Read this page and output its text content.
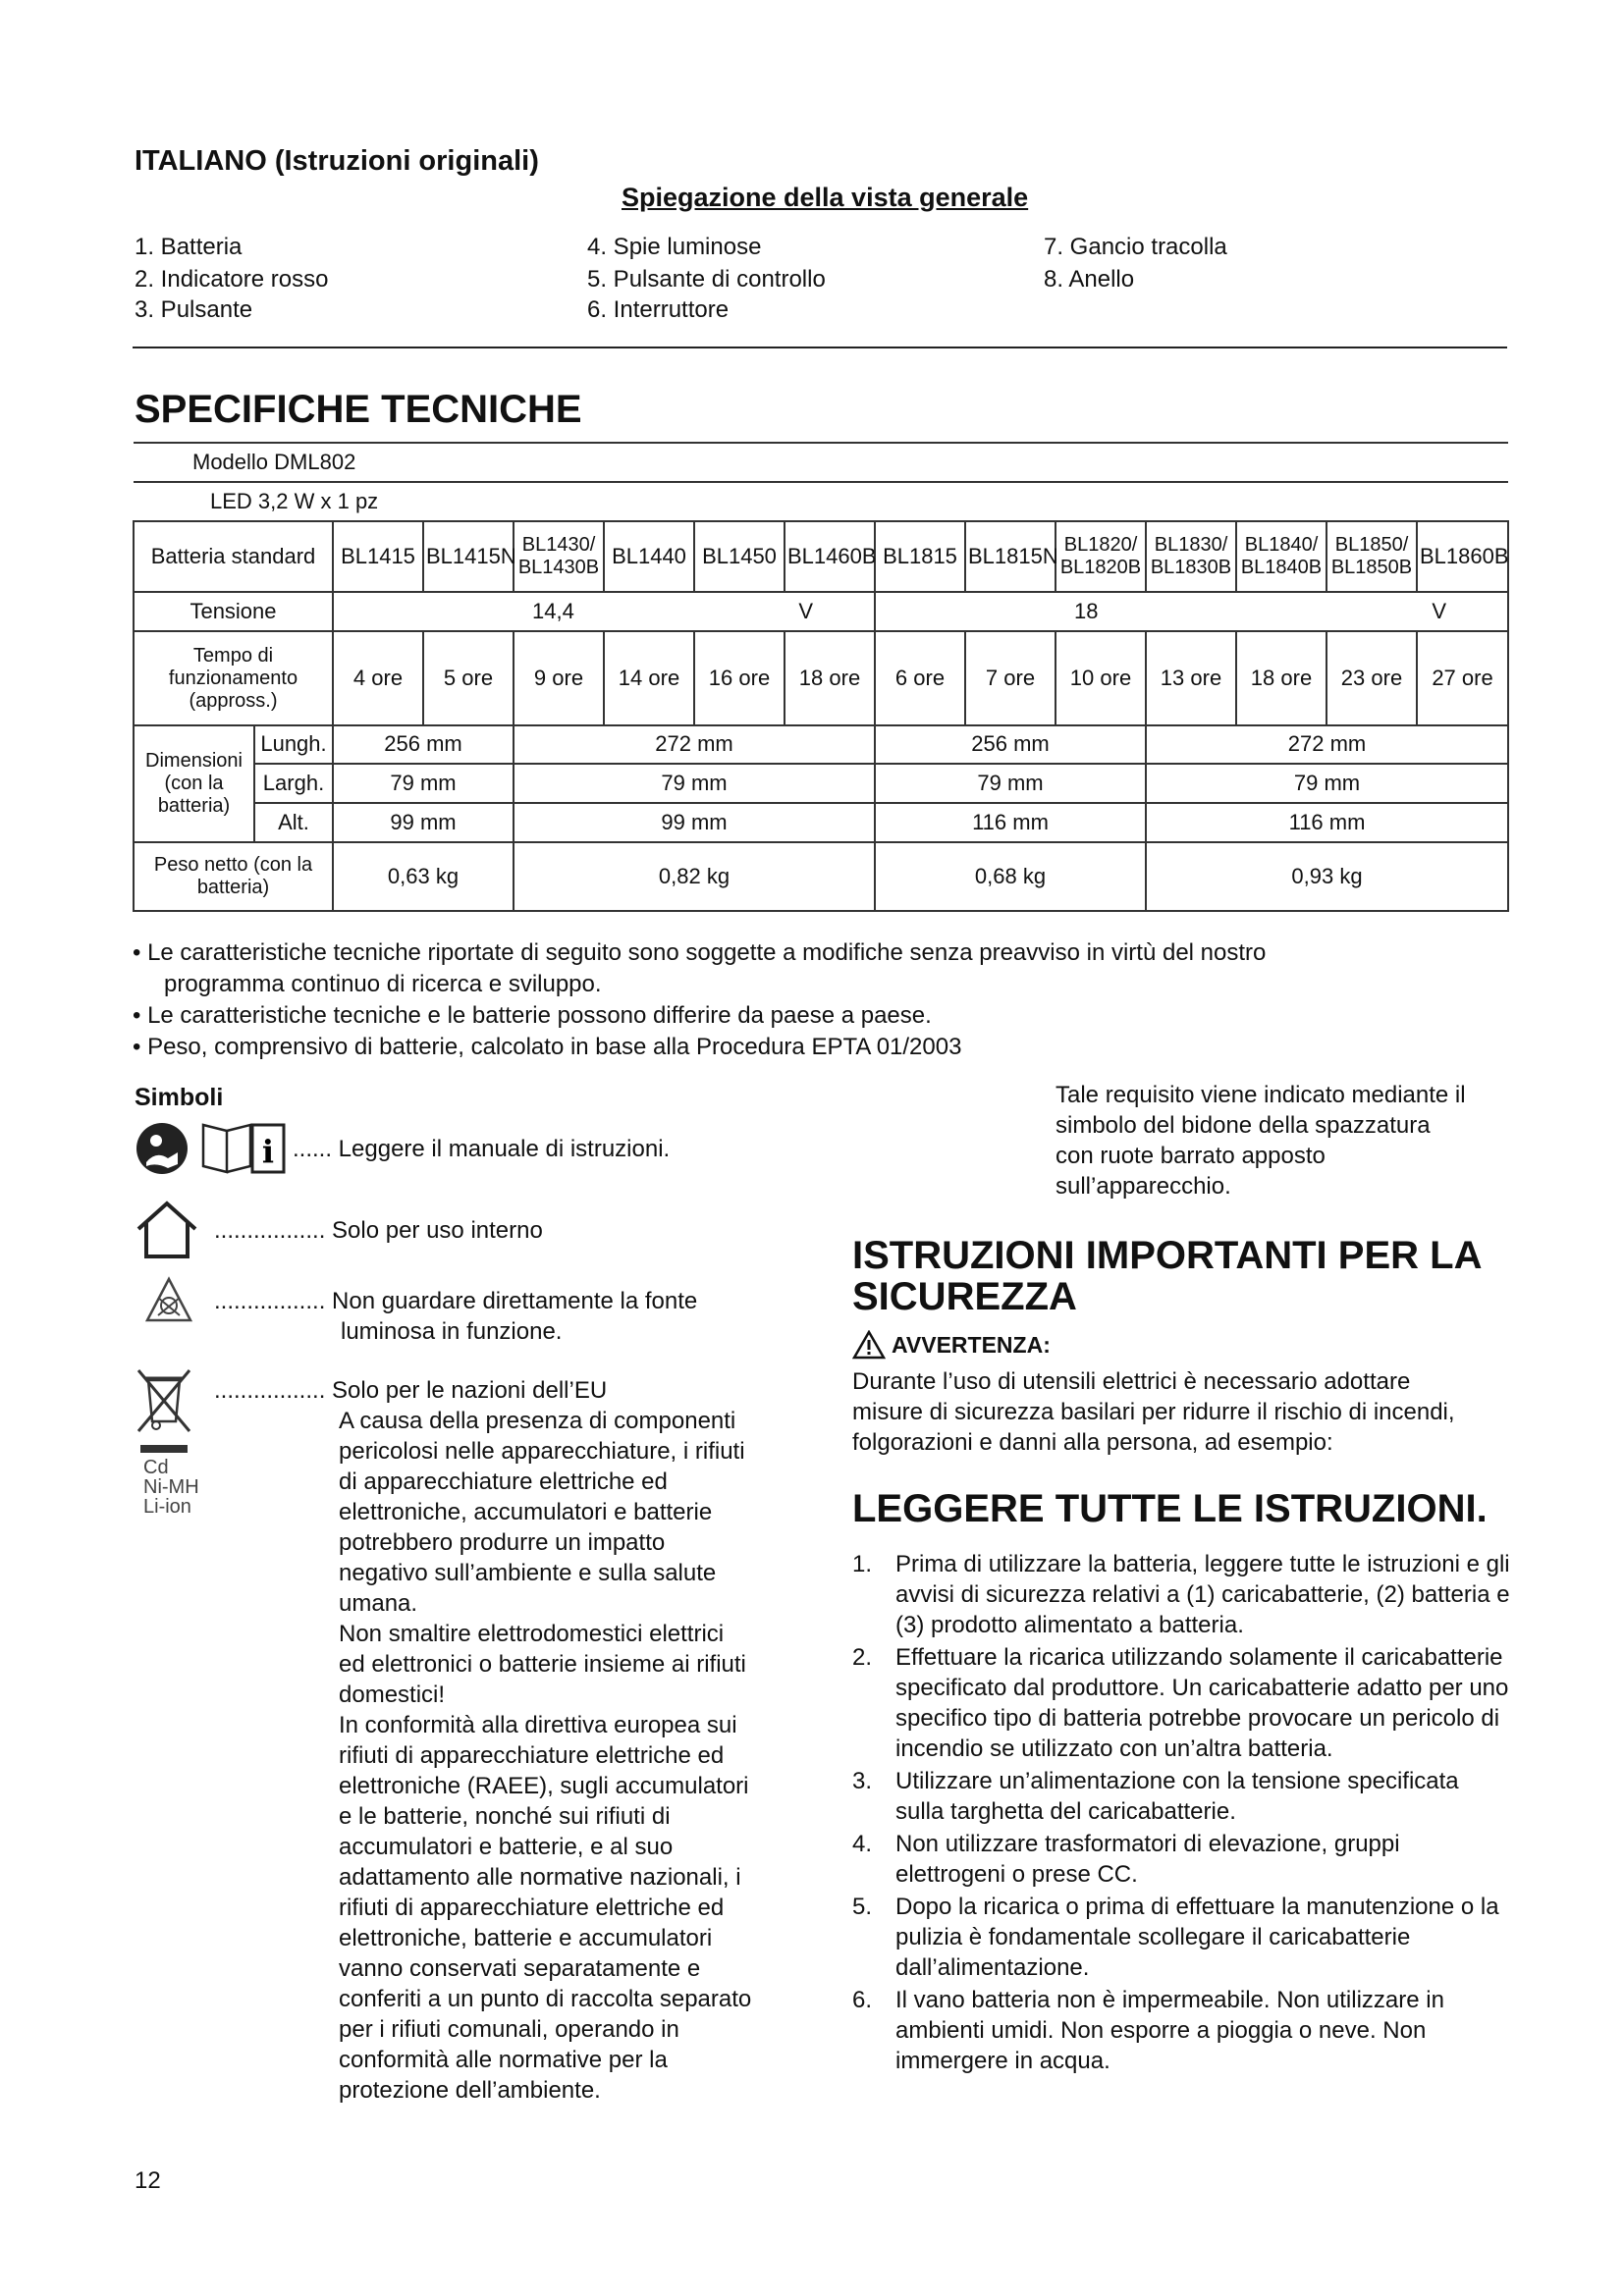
ITALIANO (Istruzioni originali)
Spiegazione della vista generale
1. Batteria
2. Indicatore rosso
3. Pulsante
4. Spie luminose
5. Pulsante di controllo
6. Interruttore
7. Gancio tracolla
8. Anello
SPECIFICHE TECNICHE
Modello DML802														
LED 3,2 W x 1 pz														
Batteria standard		BL1415	BL1415N	BL1430/ BL1430B	BL1440	BL1450	BL1460B	BL1815	BL1815N	BL1820/ BL1820B	BL1830/ BL1830B	BL1840/ BL1840B	BL1850/ BL1850B	BL1860B
Tensione		14,4 V						18 V						

Tempo di funzionamento (appross.)		4 ore	5 ore	9 ore	14 ore	16 ore	18 ore	6 ore	7 ore	10 ore	13 ore	18 ore	23 ore	27 ore
Dimensioni (con la batteria)	Lungh.	256 mm		272 mm				256 mm			272 mm			
	Largh.	79 mm		79 mm				79 mm			79 mm			
	Alt.	99 mm		99 mm				116 mm			116 mm			
Peso netto (con la batteria)		0,63 kg		0,82 kg				0,68 kg			0,93 kg			
• Le caratteristiche tecniche riportate di seguito sono soggette a modifiche senza preavviso in virtù del nostro
programma continuo di ricerca e sviluppo.
• Le caratteristiche tecniche e le batterie possono differire da paese a paese.
• Peso, comprensivo di batterie, calcolato in base alla Procedura EPTA 01/2003
Simboli
i ...... Leggere il manuale di istruzioni.
................. Solo per uso interno
................. Non guardare direttamente la fonte
luminosa in funzione.
Cd
Ni-MH
Li-ion
................. Solo per le nazioni dell’EU
A causa della presenza di componenti
pericolosi nelle apparecchiature, i rifiuti
di apparecchiature elettriche ed
elettroniche, accumulatori e batterie
potrebbero produrre un impatto
negativo sull’ambiente e sulla salute
umana.
Non smaltire elettrodomestici elettrici
ed elettronici o batterie insieme ai rifiuti
domestici!
In conformità alla direttiva europea sui
rifiuti di apparecchiature elettriche ed
elettroniche (RAEE), sugli accumulatori
e le batterie, nonché sui rifiuti di
accumulatori e batterie, e al suo
adattamento alle normative nazionali, i
rifiuti di apparecchiature elettriche ed
elettroniche, batterie e accumulatori
vanno conservati separatamente e
conferiti a un punto di raccolta separato
per i rifiuti comunali, operando in
conformità alle normative per la
protezione dell’ambiente.
Tale requisito viene indicato mediante il
simbolo del bidone della spazzatura
con ruote barrato apposto
sull’apparecchio.
ISTRUZIONI IMPORTANTI PER LA
SICUREZZA
AVVERTENZA:
Durante l’uso di utensili elettrici è necessario adottare
misure di sicurezza basilari per ridurre il rischio di incendi,
folgorazioni e danni alla persona, ad esempio:
LEGGERE TUTTE LE ISTRUZIONI.
1. Prima di utilizzare la batteria, leggere tutte le istruzioni e gli avvisi di sicurezza relativi a (1) caricabatterie, (2) batteria e (3) prodotto alimentato a batteria.
2. Effettuare la ricarica utilizzando solamente il caricabatterie specificato dal produttore. Un caricabatterie adatto per uno specifico tipo di batteria potrebbe provocare un pericolo di incendio se utilizzato con un’altra batteria.
3. Utilizzare un’alimentazione con la tensione specificata sulla targhetta del caricabatterie.
4. Non utilizzare trasformatori di elevazione, gruppi elettrogeni o prese CC.
5. Dopo la ricarica o prima di effettuare la manutenzione o la pulizia è fondamentale scollegare il caricabatterie dall’alimentazione.
6. Il vano batteria non è impermeabile. Non utilizzare in ambienti umidi. Non esporre a pioggia o neve. Non immergere in acqua.
12
